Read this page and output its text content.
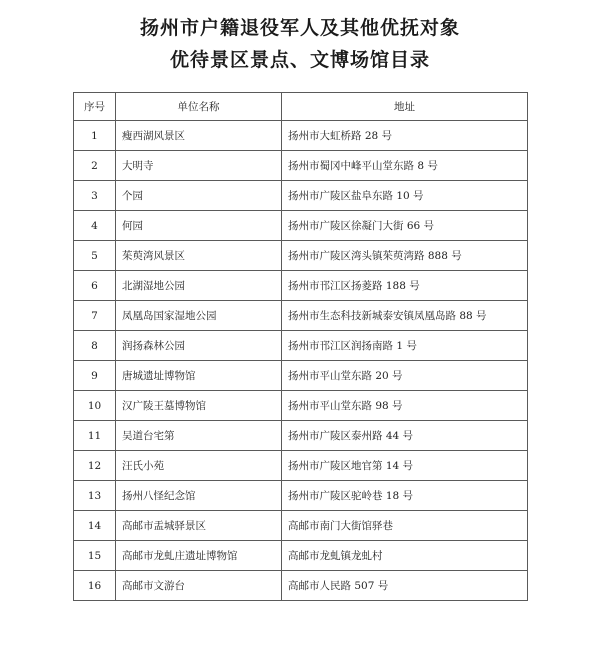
扬州市户籍退役军人及其他优抚对象
优待景区景点、文博场馆目录
序号	单位名称	地址
1	瘦西湖风景区	扬州市大虹桥路 28 号
2	大明寺	扬州市蜀冈中峰平山堂东路 8 号
3	个园	扬州市广陵区盐阜东路 10 号
4	何园	扬州市广陵区徐凝门大街 66 号
5	茱萸湾风景区	扬州市广陵区湾头镇茱萸湾路 888 号
6	北湖湿地公园	扬州市邗江区扬菱路 188 号
7	凤凰岛国家湿地公园	扬州市生态科技新城泰安镇凤凰岛路 88 号
8	润扬森林公园	扬州市邗江区润扬南路 1 号
9	唐城遗址博物馆	扬州市平山堂东路 20 号
10	汉广陵王墓博物馆	扬州市平山堂东路 98 号
11	吴道台宅第	扬州市广陵区泰州路 44 号
12	汪氏小苑	扬州市广陵区地官第 14 号
13	扬州八怪纪念馆	扬州市广陵区驼岭巷 18 号
14	高邮市盂城驿景区	高邮市南门大街馆驿巷
15	高邮市龙虬庄遗址博物馆	高邮市龙虬镇龙虬村
16	高邮市文游台	高邮市人民路 507 号
